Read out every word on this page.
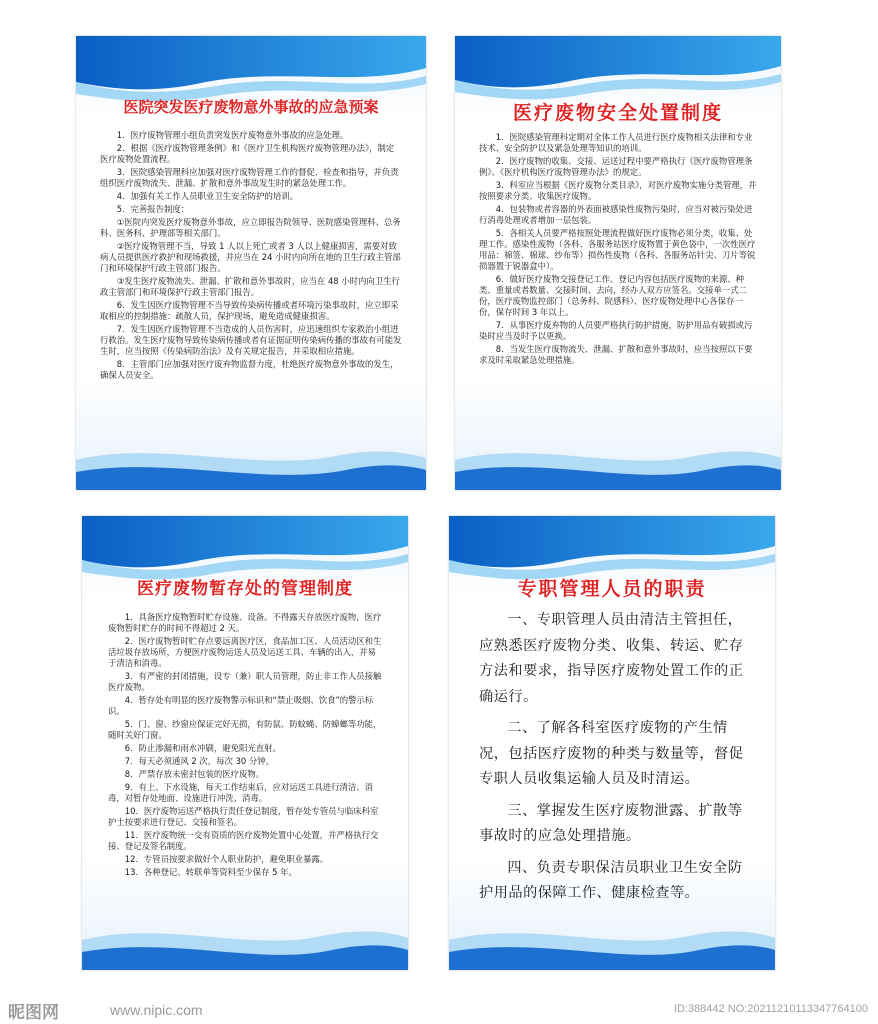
医院突发医疗废物意外事故的应急预案

1．医疗废物管理小组负责突发医疗废物意外事故的应急处理。

2．根据《医疗废物管理条例》和《医疗卫生机构医疗废物管理办法》，制定医疗废物处置流程。

3．医院感染管理科应加强对医疗废物管理工作的督促、检查和指导，并负责组织医疗废物流失、泄漏、扩散和意外事故发生时的紧急处理工作。

4．加强有关工作人员职业卫生安全防护的培训。

5．完善报告制度：

①医院内突发医疗废物意外事故，应立即报告院领导、医院感染管理科、总务科、医务科、护理部等相关部门。

②医疗废物管理不当，导致 1 人以上死亡或者 3 人以上健康损害，需要对致病人员提供医疗救护和现场救援，并应当在 24 小时内向所在地的卫生行政主管部门和环境保护行政主管部门报告。

③发生医疗废物流失、泄漏、扩散和意外事故时，应当在 48 小时内向卫生行政主管部门和环境保护行政主管部门报告。

6．发生因医疗废物管理不当导致传染病传播或者环境污染事故时，应立即采取相应的控制措施：疏散人员，保护现场，避免造成健康损害。

7．发生因医疗废物管理不当造成的人员伤害时，应迅速组织专家救治小组进行救治。发生医疗废物导致传染病传播或者有证据证明传染病传播的事故有可能发生时，应当按照《传染病防治法》及有关规定报告，并采取相应措施。

8．主管部门应加强对医疗废弃物监督力度，杜绝医疗废物意外事故的发生，确保人员安全。

医疗废物安全处置制度

1．医院感染管理科定期对全体工作人员进行医疗废物相关法律和专业技术、安全防护以及紧急处理等知识的培训。

2．医疗废物的收集、交接、运送过程中要严格执行《医疗废物管理条例》、《医疗机构医疗废物管理办法》的规定。

3．科室应当根据《医疗废物分类目录》，对医疗废物实施分类管理，并按照要求分类、收集医疗废物。

4．包装物或者容器的外表面被感染性废物污染时，应当对被污染处进行消毒处理或者增加一层包装。

5．各相关人员要严格按照处理流程做好医疗废物必须分类，收集、处理工作。感染性废物（各科、各服务站医疗废物置于黄色袋中，一次性医疗用品：棉签、棉球、纱布等）损伤性废物（各科、各服务站针尖、刀片等锐损器置于锐器盒中）。

6．做好医疗废物交接登记工作。登记内容包括医疗废物的来源、种类、重量或者数量、交接时间、去向，经办人双方应签名。交接单一式二份，医疗废物监控部门（总务科、院感科）、医疗废物处理中心各保存一份，保存时间 3 年以上。

7．从事医疗废弃物的人员要严格执行防护措施，防护用品有破损或污染时应当及时予以更换。

8．当发生医疗废物流失、泄漏、扩散和意外事故时，应当按照以下要求及时采取紧急处理措施。

医疗废物暂存处的管理制度

1．具备医疗废物暂时贮存设施、设备。不得露天存放医疗废物，医疗废物暂时贮存的时间不得超过 2 天。

2．医疗废物暂时贮存点要远离医疗区，食品加工区、人员活动区和生活垃圾存放场所，方便医疗废物运送人员及运送工具、车辆的出入，并易于清洁和消毒。

3．有严密的封闭措施，设专（兼）职人员管理，防止非工作人员接触医疗废物。

4．暂存处有明显的医疗废物警示标识和“禁止吸烟、饮食”的警示标识。

5．门、窗、纱窗应保证完好无损，有防鼠、防蚊蝇、防蟑螂等功能，随时关好门窗。

6．防止渗漏和雨水冲刷，避免阳光直射。

7．每天必须通风 2 次，每次 30 分钟。

8．严禁存放未密封包装的医疗废物。

9．有上、下水设施，每天工作结束后，应对运送工具进行清洁、消毒，对暂存处地面、设施进行冲洗、消毒。

10．医疗废物运送严格执行责任登记制度，暂存处专管员与临床科室护士按要求进行登记、交接和签名。

11．医疗废物统一交有资质的医疗废物处置中心处置，并严格执行交接、登记及签名制度。

12．专管员按要求做好个人职业防护，避免职业暴露。

13．各种登记、转联单等资料至少保存 5 年。

专职管理人员的职责

一、专职管理人员由清洁主管担任，应熟悉医疗废物分类、收集、转运、贮存方法和要求，指导医疗废物处置工作的正确运行。

二、了解各科室医疗废物的产生情况，包括医疗废物的种类与数量等，督促专职人员收集运输人员及时清运。

三、掌握发生医疗废物泄露、扩散等事故时的应急处理措施。

四、负责专职保洁员职业卫生安全防护用品的保障工作、健康检查等。

昵图网	www.nipic.com	ID:388442 NO:20211210113347764100
